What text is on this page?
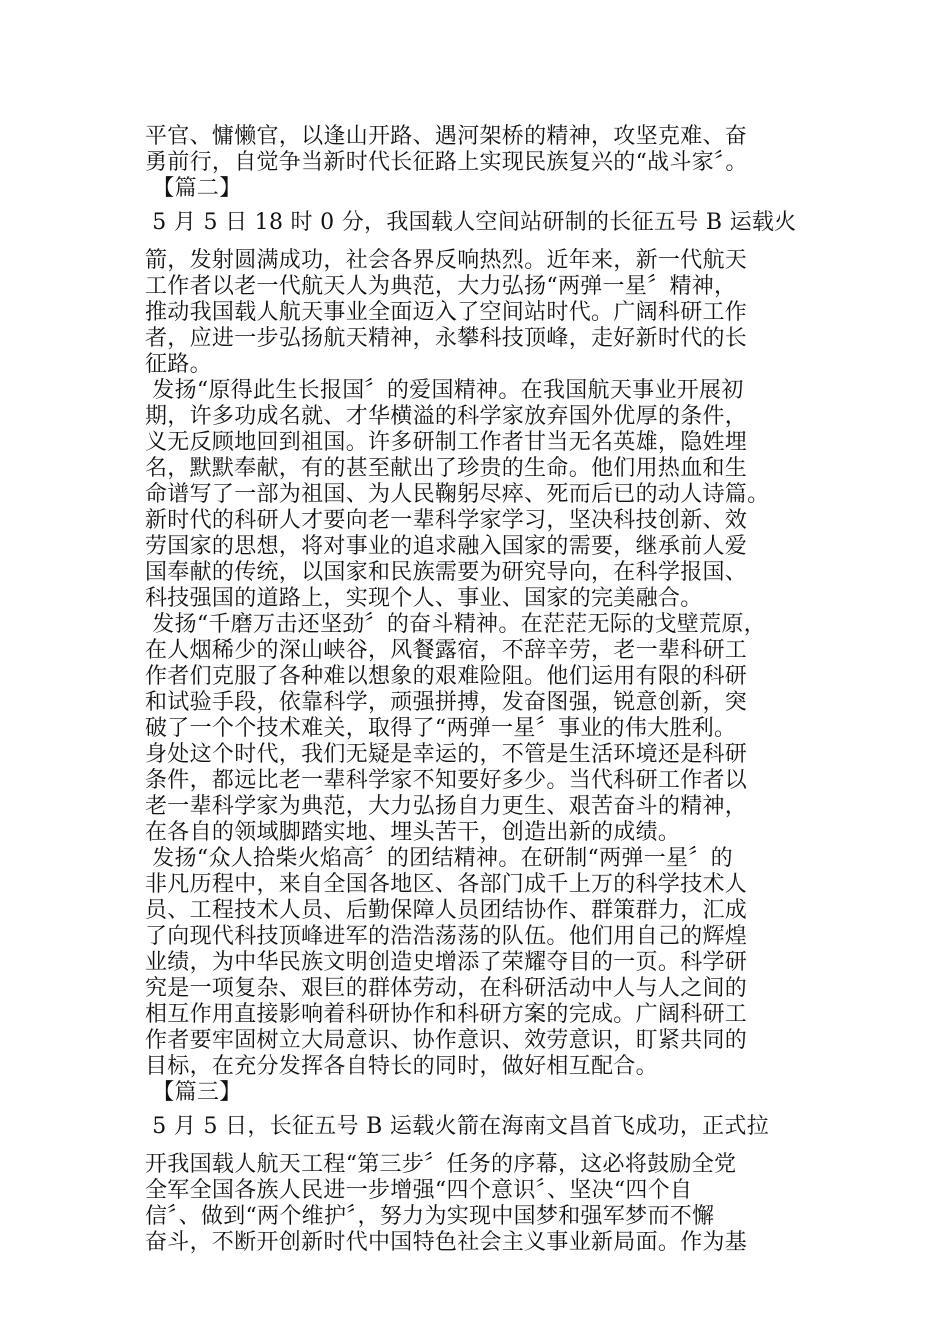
平官、慵懒官，以逢山开路、遇河架桥的精神，攻坚克难、奋
勇前行，自觉争当新时代长征路上实现民族复兴的“战斗家〞。
【篇二】
5 月 5 日 18 时 0 分，我国载人空间站研制的长征五号 B 运载火
箭，发射圆满成功，社会各界反响热烈。近年来，新一代航天
工作者以老一代航天人为典范，大力弘扬“两弹一星〞精神，
推动我国载人航天事业全面迈入了空间站时代。广阔科研工作
者，应进一步弘扬航天精神，永攀科技顶峰，走好新时代的长
征路。
发扬“原得此生长报国〞的爱国精神。在我国航天事业开展初
期，许多功成名就、才华横溢的科学家放弃国外优厚的条件，
义无反顾地回到祖国。许多研制工作者甘当无名英雄，隐姓埋
名，默默奉献，有的甚至献出了珍贵的生命。他们用热血和生
命谱写了一部为祖国、为人民鞠躬尽瘁、死而后已的动人诗篇。
新时代的科研人才要向老一辈科学家学习，坚决科技创新、效
劳国家的思想，将对事业的追求融入国家的需要，继承前人爱
国奉献的传统，以国家和民族需要为研究导向，在科学报国、
科技强国的道路上，实现个人、事业、国家的完美融合。
发扬“千磨万击还坚劲〞的奋斗精神。在茫茫无际的戈壁荒原，
在人烟稀少的深山峡谷，风餐露宿，不辞辛劳，老一辈科研工
作者们克服了各种难以想象的艰难险阻。他们运用有限的科研
和试验手段，依靠科学，顽强拼搏，发奋图强，锐意创新，突
破了一个个技术难关，取得了“两弹一星〞事业的伟大胜利。
身处这个时代，我们无疑是幸运的，不管是生活环境还是科研
条件，都远比老一辈科学家不知要好多少。当代科研工作者以
老一辈科学家为典范，大力弘扬自力更生、艰苦奋斗的精神，
在各自的领域脚踏实地、埋头苦干，创造出新的成绩。
发扬“众人拾柴火焰高〞的团结精神。在研制“两弹一星〞的
非凡历程中，来自全国各地区、各部门成千上万的科学技术人
员、工程技术人员、后勤保障人员团结协作、群策群力，汇成
了向现代科技顶峰进军的浩浩荡荡的队伍。他们用自己的辉煌
业绩，为中华民族文明创造史增添了荣耀夺目的一页。科学研
究是一项复杂、艰巨的群体劳动，在科研活动中人与人之间的
相互作用直接影响着科研协作和科研方案的完成。广阔科研工
作者要牢固树立大局意识、协作意识、效劳意识，盯紧共同的
目标，在充分发挥各自特长的同时，做好相互配合。
【篇三】
5 月 5 日，长征五号 B 运载火箭在海南文昌首飞成功，正式拉
开我国载人航天工程“第三步〞任务的序幕，这必将鼓励全党
全军全国各族人民进一步增强“四个意识〞、坚决“四个自
信〞、做到“两个维护〞，努力为实现中国梦和强军梦而不懈
奋斗，不断开创新时代中国特色社会主义事业新局面。作为基
